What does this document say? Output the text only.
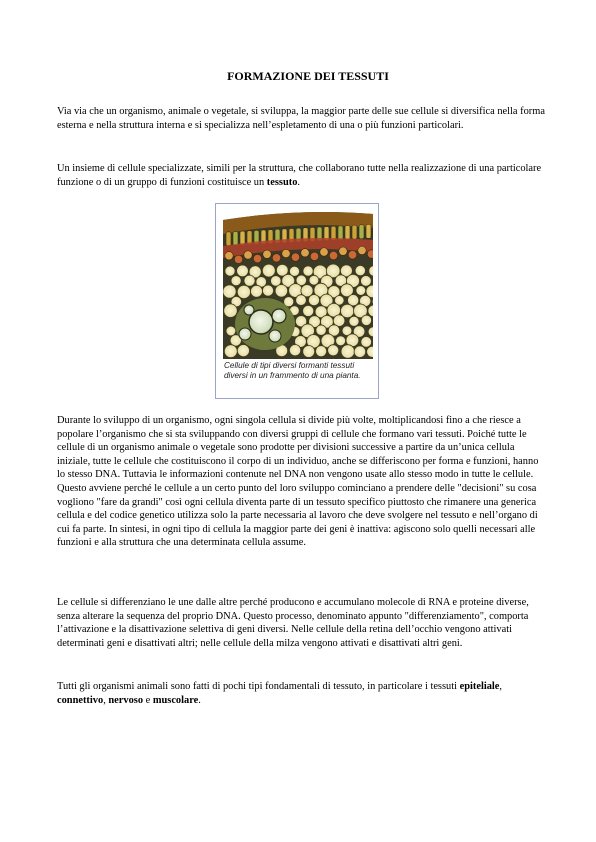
FORMAZIONE DEI TESSUTI

Via via che un organismo, animale o vegetale, si sviluppa, la maggior parte delle sue cellule si diversifica nella forma esterna e nella struttura interna e si specializza nell’espletamento di una o più funzioni particolari.

Un insieme di cellule specializzate, simili per la struttura, che collaborano tutte nella realizzazione di una particolare funzione o di un gruppo di funzioni costituisce un tessuto.

Cellule di tipi diversi formanti tessuti diversi in un frammento di una pianta.

Durante lo sviluppo di un organismo, ogni singola cellula si divide più volte, moltiplicandosi fino a che riesce a popolare l’organismo che si sta sviluppando con diversi gruppi di cellule che formano vari tessuti. Poiché tutte le cellule di un organismo animale o vegetale sono prodotte per divisioni successive a partire da un’unica cellula iniziale, tutte le cellule che costituiscono il corpo di un individuo, anche se differiscono per forma e funzioni, hanno lo stesso DNA. Tuttavia le informazioni contenute nel DNA non vengono usate allo stesso modo in tutte le cellule. Questo avviene perché le cellule a un certo punto del loro sviluppo cominciano a prendere delle "decisioni" su cosa vogliono "fare da grandi" così ogni cellula diventa parte di un tessuto specifico piuttosto che rimanere una generica cellula e del codice genetico utilizza solo la parte necessaria al lavoro che deve svolgere nel tessuto e nell’organo di cui fa parte. In sintesi, in ogni tipo di cellula la maggior parte dei geni è inattiva: agiscono solo quelli necessari alle funzioni e alla struttura che una determinata cellula assume.

Le cellule si differenziano le une dalle altre perché producono e accumulano molecole di RNA e proteine diverse, senza alterare la sequenza del proprio DNA. Questo processo, denominato appunto "differenziamento", comporta l’attivazione e la disattivazione selettiva di geni diversi. Nelle cellule della retina dell’occhio vengono attivati determinati geni e disattivati altri; nelle cellule della milza vengono attivati e disattivati altri geni.

Tutti gli organismi animali sono fatti di pochi tipi fondamentali di tessuto, in particolare i tessuti epiteliale, connettivo, nervoso e muscolare.
